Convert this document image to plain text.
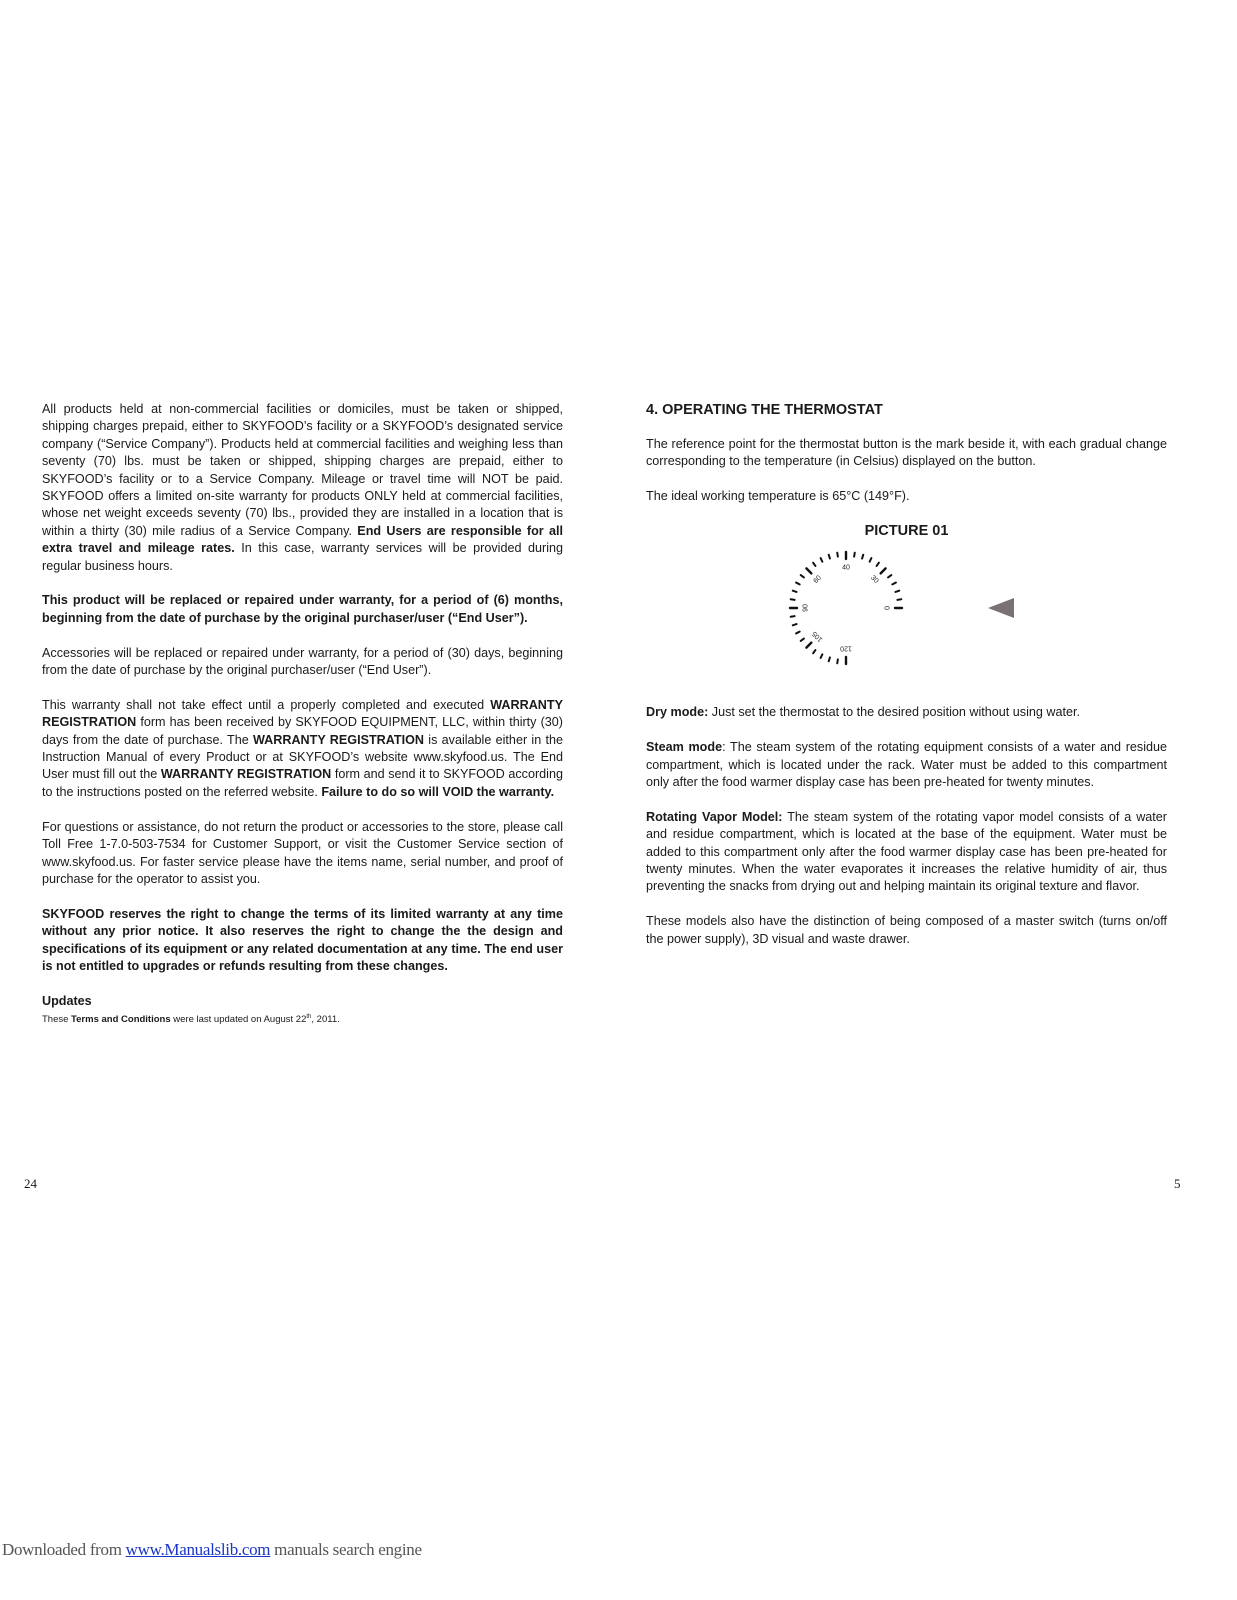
All products held at non-commercial facilities or domiciles, must be taken or shipped, shipping charges prepaid, either to SKYFOOD’s facility or a SKYFOOD’s designated service company (“Service Company”). Products held at commercial facilities and weighing less than seventy (70) lbs. must be taken or shipped, shipping charges are prepaid, either to SKYFOOD’s facility or to a Service Company. Mileage or travel time will NOT be paid. SKYFOOD offers a limited on-site warranty for products ONLY held at commercial facilities, whose net weight exceeds seventy (70) lbs., provided they are installed in a location that is within a thirty (30) mile radius of a Service Company. End Users are responsible for all extra travel and mileage rates. In this case, warranty services will be provided during regular business hours.

This product will be replaced or repaired under warranty, for a period of (6) months, beginning from the date of purchase by the original purchaser/user (“End User”).

Accessories will be replaced or repaired under warranty, for a period of (30) days, beginning from the date of purchase by the original purchaser/user (“End User”).

This warranty shall not take effect until a properly completed and executed WARRANTY REGISTRATION form has been received by SKYFOOD EQUIPMENT, LLC, within thirty (30) days from the date of purchase. The WARRANTY REGISTRATION is available either in the Instruction Manual of every Product or at SKYFOOD’s website www.skyfood.us. The End User must fill out the WARRANTY REGISTRATION form and send it to SKYFOOD according to the instructions posted on the referred website. Failure to do so will VOID the warranty.

For questions or assistance, do not return the product or accessories to the store, please call Toll Free 1-7.0-503-7534 for Customer Support, or visit the Customer Service section of www.skyfood.us. For faster service please have the items name, serial number, and proof of purchase for the operator to assist you.

SKYFOOD reserves the right to change the terms of its limited warranty at any time without any prior notice. It also reserves the right to change the the design and specifications of its equipment or any related documentation at any time. The end user is not entitled to upgrades or refunds resulting from these changes.

Updates
These Terms and Conditions were last updated on August 22th, 2011.
4. OPERATING THE THERMOSTAT

The reference point for the thermostat button is the mark beside it, with each gradual change corresponding to the temperature (in Celsius) displayed on the button.

The ideal working temperature is 65°C (149°F).

PICTURE 01
0
30
40
60
90
105
120

Dry mode: Just set the thermostat to the desired position without using water.

Steam mode: The steam system of the rotating equipment consists of a water and residue compartment, which is located under the rack. Water must be added to this compartment only after the food warmer display case has been pre-heated for twenty minutes.

Rotating Vapor Model: The steam system of the rotating vapor model consists of a water and residue compartment, which is located at the base of the equipment. Water must be added to this compartment only after the food warmer display case has been pre-heated for twenty minutes. When the water evaporates it increases the relative humidity of air, thus preventing the snacks from drying out and helping maintain its original texture and flavor.

These models also have the distinction of being composed of a master switch (turns on/off the power supply), 3D visual and waste drawer.

24	5
Downloaded from www.Manualslib.com manuals search engine
